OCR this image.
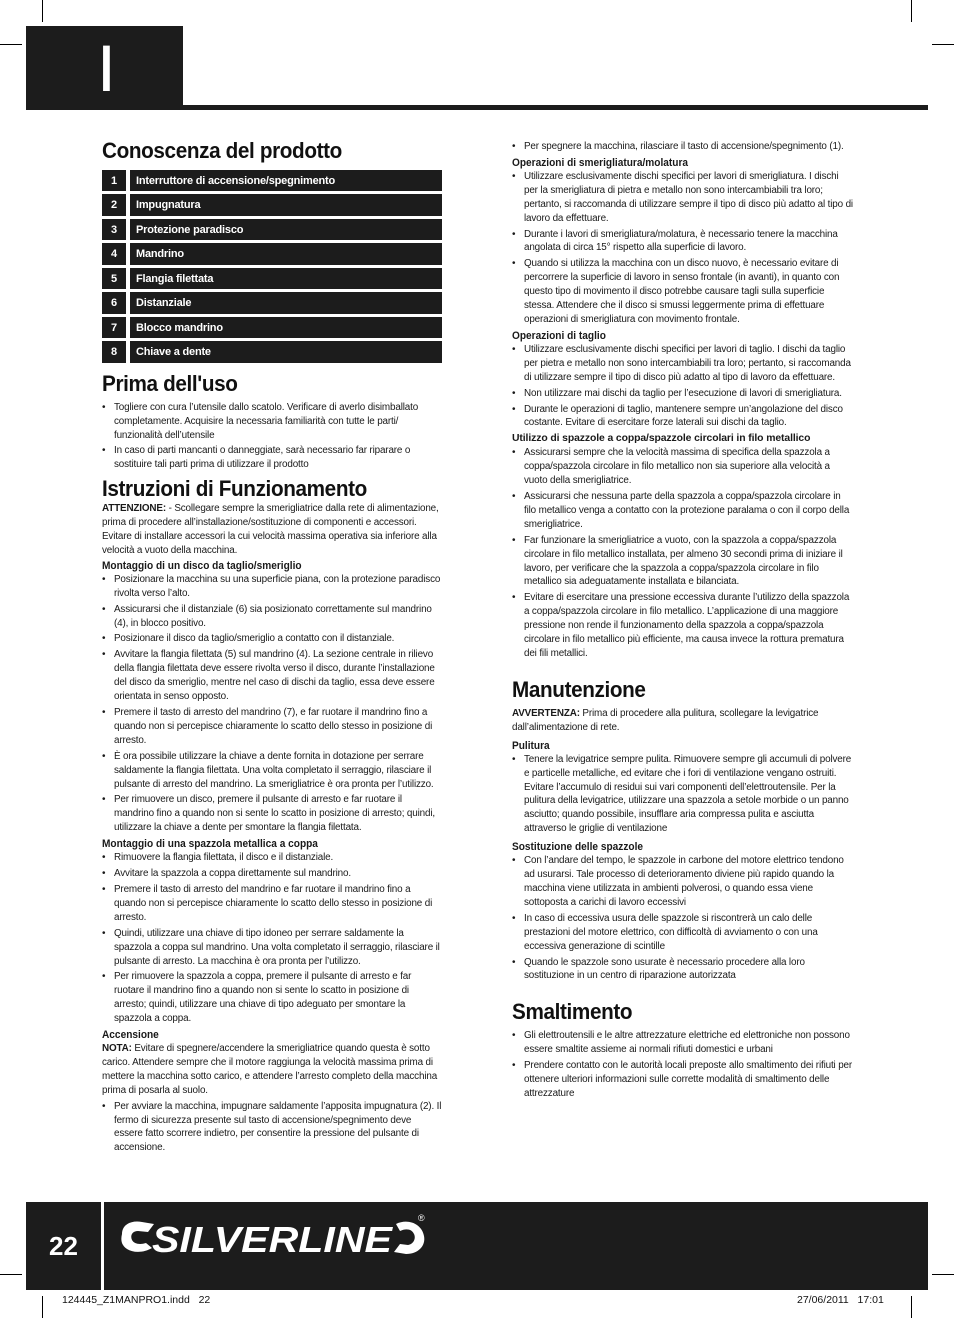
I
Conoscenza del prodotto
1	Interruttore di accensione/spegnimento
2	Impugnatura
3	Protezione paradisco
4	Mandrino
5	Flangia filettata
6	Distanziale
7	Blocco mandrino
8	Chiave a dente
Prima dell'uso
• Togliere con cura l’utensile dallo scatolo. Verificare di averlo disimballato completamente. Acquisire la necessaria familiarità con tutte le parti/ funzionalità dell’utensile
• In caso di parti mancanti o danneggiate, sarà necessario far riparare o sostituire tali parti prima di utilizzare il prodotto
Istruzioni di Funzionamento

ATTENZIONE: - Scollegare sempre la smerigliatrice dalla rete di alimentazione, prima di procedere all’installazione/sostituzione di componenti e accessori. Evitare di installare accessori la cui velocità massima operativa sia inferiore alla velocità a vuoto della macchina.

Montaggio di un disco da taglio/smeriglio
• Posizionare la macchina su una superficie piana, con la protezione paradisco rivolta verso l’alto.
• Assicurarsi che il distanziale (6) sia posizionato correttamente sul mandrino (4), in blocco positivo.
• Posizionare il disco da taglio/smeriglio a contatto con il distanziale.
• Avvitare la flangia filettata (5) sul mandrino (4). La sezione centrale in rilievo della flangia filettata deve essere rivolta verso il disco, durante l’installazione del disco da smeriglio, mentre nel caso di dischi da taglio, essa deve essere orientata in senso opposto.
• Premere il tasto di arresto del mandrino (7), e far ruotare il mandrino fino a quando non si percepisce chiaramente lo scatto dello stesso in posizione di arresto.
• È ora possibile utilizzare la chiave a dente fornita in dotazione per serrare saldamente la flangia filettata. Una volta completato il serraggio, rilasciare il pulsante di arresto del mandrino. La smerigliatrice è ora pronta per l’utilizzo.
• Per rimuovere un disco, premere il pulsante di arresto e far ruotare il mandrino fino a quando non si sente lo scatto in posizione di arresto; quindi, utilizzare la chiave a dente per smontare la flangia filettata.
Montaggio di una spazzola metallica a coppa
• Rimuovere la flangia filettata, il disco e il distanziale.
• Avvitare la spazzola a coppa direttamente sul mandrino.
• Premere il tasto di arresto del mandrino e far ruotare il mandrino fino a quando non si percepisce chiaramente lo scatto dello stesso in posizione di arresto.
• Quindi, utilizzare una chiave di tipo idoneo per serrare saldamente la spazzola a coppa sul mandrino. Una volta completato il serraggio, rilasciare il pulsante di arresto. La macchina è ora pronta per l’utilizzo.
• Per rimuovere la spazzola a coppa, premere il pulsante di arresto e far ruotare il mandrino fino a quando non si sente lo scatto in posizione di arresto; quindi, utilizzare una chiave di tipo adeguato per smontare la spazzola a coppa.
Accensione

NOTA: Evitare di spegnere/accendere la smerigliatrice quando questa è sotto carico. Attendere sempre che il motore raggiunga la velocità massima prima di mettere la macchina sotto carico, e attendere l’arresto completo della macchina prima di posarla al suolo.

• Per avviare la macchina, impugnare saldamente l’apposita impugnatura (2). Il fermo di sicurezza presente sul tasto di accensione/spegnimento deve essere fatto scorrere indietro, per consentire la pressione del pulsante di accensione.
• Per spegnere la macchina, rilasciare il tasto di accensione/spegnimento (1).
Operazioni di smerigliatura/molatura
• Utilizzare esclusivamente dischi specifici per lavori di smerigliatura. I dischi per la smerigliatura di pietra e metallo non sono intercambiabili tra loro; pertanto, si raccomanda di utilizzare sempre il tipo di disco più adatto al tipo di lavoro da effettuare.
• Durante i lavori di smerigliatura/molatura, è necessario tenere la macchina angolata di circa 15° rispetto alla superficie di lavoro.
• Quando si utilizza la macchina con un disco nuovo, è necessario evitare di percorrere la superficie di lavoro in senso frontale (in avanti), in quanto con questo tipo di movimento il disco potrebbe causare tagli sulla superficie stessa. Attendere che il disco si smussi leggermente prima di effettuare operazioni di smerigliatura con movimento frontale.
Operazioni di taglio
• Utilizzare esclusivamente dischi specifici per lavori di taglio. I dischi da taglio per pietra e metallo non sono intercambiabili tra loro; pertanto, si raccomanda di utilizzare sempre il tipo di disco più adatto al tipo di lavoro da effettuare.
• Non utilizzare mai dischi da taglio per l’esecuzione di lavori di smerigliatura.
• Durante le operazioni di taglio, mantenere sempre un’angolazione del disco costante. Evitare di esercitare forze laterali sui dischi da taglio.
Utilizzo di spazzole a coppa/spazzole circolari in filo metallico
• Assicurarsi sempre che la velocità massima di specifica della spazzola a coppa/spazzola circolare in filo metallico non sia superiore alla velocità a vuoto della smerigliatrice.
• Assicurarsi che nessuna parte della spazzola a coppa/spazzola circolare in filo metallico venga a contatto con la protezione paralama o con il corpo della smerigliatrice.
• Far funzionare la smerigliatrice a vuoto, con la spazzola a coppa/spazzola circolare in filo metallico installata, per almeno 30 secondi prima di iniziare il lavoro, per verificare che la spazzola a coppa/spazzola circolare in filo metallico sia adeguatamente installata e bilanciata.
• Evitare di esercitare una pressione eccessiva durante l’utilizzo della spazzola a coppa/spazzola circolare in filo metallico. L’applicazione di una maggiore pressione non rende il funzionamento della spazzola a coppa/spazzola circolare in filo metallico più efficiente, ma causa invece la rottura prematura dei fili metallici.
Manutenzione

AVVERTENZA: Prima di procedere alla pulitura, scollegare la levigatrice dall’alimentazione di rete.

Pulitura
• Tenere la levigatrice sempre pulita. Rimuovere sempre gli accumuli di polvere e particelle metalliche, ed evitare che i fori di ventilazione vengano ostruiti. Evitare l’accumulo di residui sui vari componenti dell’elettroutensile. Per la pulitura della levigatrice, utilizzare una spazzola a setole morbide o un panno asciutto; quando possibile, insufflare aria compressa pulita e asciutta attraverso le griglie di ventilazione
Sostituzione delle spazzole
• Con l’andare del tempo, le spazzole in carbone del motore elettrico tendono ad usurarsi. Tale processo di deterioramento diviene più rapido quando la macchina viene utilizzata in ambienti polverosi, o quando essa viene sottoposta a carichi di lavoro eccessivi
• In caso di eccessiva usura delle spazzole si riscontrerà un calo delle prestazioni del motore elettrico, con difficoltà di avviamento o con una eccessiva generazione di scintille
• Quando le spazzole sono usurate è necessario procedere alla loro sostituzione in un centro di riparazione autorizzata
Smaltimento
• Gli elettroutensili e le altre attrezzature elettriche ed elettroniche non possono essere smaltite assieme ai normali rifiuti domestici e urbani
• Prendere contatto con le autorità locali preposte allo smaltimento dei rifiuti per ottenere ulteriori informazioni sulle corrette modalità di smaltimento delle attrezzature
22	SILVERLINE
®
124445_Z1MANPRO1.indd   22	27/06/2011   17:01
